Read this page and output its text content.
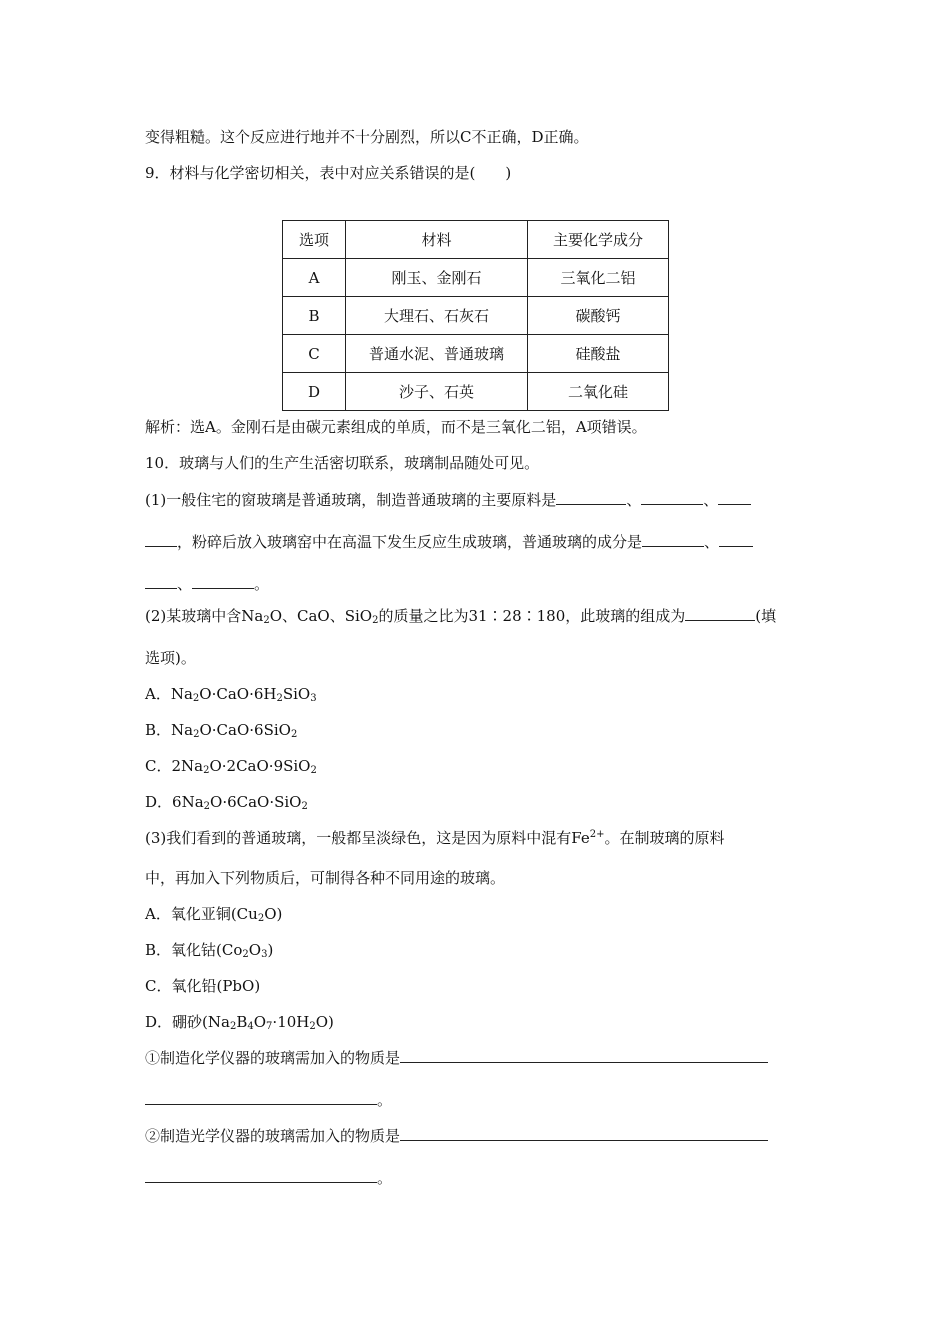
变得粗糙。这个反应进行地并不十分剧烈，所以C不正确，D正确。
9．材料与化学密切相关，表中对应关系错误的是(　　)
选项	材料	主要化学成分
A	刚玉、金刚石	三氧化二铝
B	大理石、石灰石	碳酸钙
C	普通水泥、普通玻璃	硅酸盐
D	沙子、石英	二氧化硅
解析：选A。金刚石是由碳元素组成的单质，而不是三氧化二铝，A项错误。
10．玻璃与人们的生产生活密切联系，玻璃制品随处可见。
(1)一般住宅的窗玻璃是普通玻璃，制造普通玻璃的主要原料是	、	、
，粉碎后放入玻璃窑中在高温下发生反应生成玻璃，普通玻璃的成分是	、
、	。
(2)某玻璃中含$Na_2O$、CaO、SiO$_2$的质量之比为31∶28∶180，此玻璃的组成为	(填
选项)。
A．$Na_2O\cdot CaO\cdot 6H_2SiO_3$
B．$Na_2O\cdot CaO\cdot 6SiO_2$
C．$2Na_2O\cdot 2CaO\cdot 9SiO_2$
D．$6Na_2O\cdot 6CaO\cdot SiO_2$
(3)我们看到的普通玻璃，一般都呈淡绿色，这是因为原料中混有$Fe^{2+}$。在制玻璃的原料
中，再加入下列物质后，可制得各种不同用途的玻璃。
A．氧化亚铜$(Cu_2O)$
B．氧化钴$(Co_2O_3)$
C．氧化铅(PbO)
D．硼砂$(Na_2B_4O_7\cdot 10H_2O)$
①制造化学仪器的玻璃需加入的物质是
。
②制造光学仪器的玻璃需加入的物质是
。
